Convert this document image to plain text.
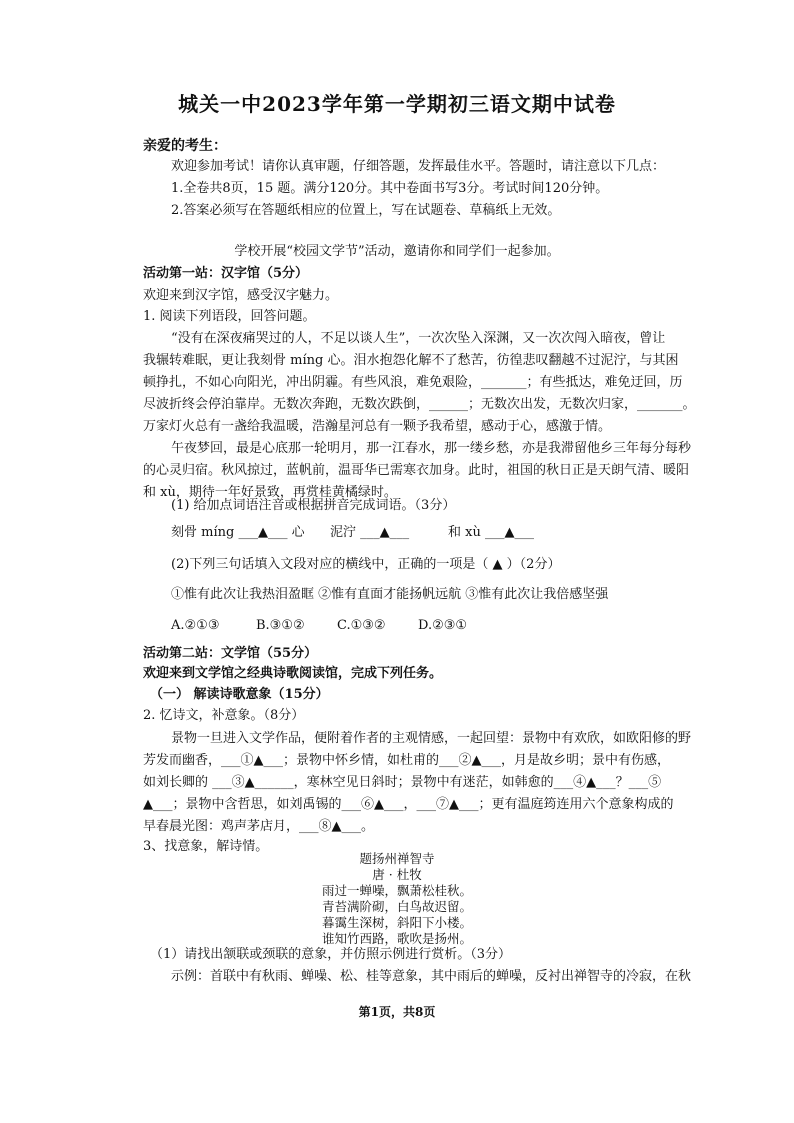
城关一中2023学年第一学期初三语文期中试卷
亲爱的考生：
欢迎参加考试！请你认真审题，仔细答题，发挥最佳水平。答题时，请注意以下几点：
1.全卷共8页，15 题。满分120分。其中卷面书写3分。考试时间120分钟。
2.答案必须写在答题纸相应的位置上，写在试题卷、草稿纸上无效。
学校开展“校园文学节”活动，邀请你和同学们一起参加。
活动第一站：汉字馆（5分）
欢迎来到汉字馆，感受汉字魅力。
1. 阅读下列语段，回答问题。
“没有在深夜痛哭过的人，不足以谈人生”，一次次坠入深渊，又一次次闯入暗夜，曾让
我辗转难眠，更让我刻骨 míng 心。泪水抱怨化解不了愁苦，彷徨悲叹翻越不过泥泞，与其困
顿挣扎，不如心向阳光，冲出阴霾。有些风浪，难免艰险，_______；有些抵达，难免迂回，历
尽波折终会停泊靠岸。无数次奔跑，无数次跌倒，______；无数次出发，无数次归家，_______。
万家灯火总有一盏给我温暖，浩瀚星河总有一颗予我希望，感动于心，感激于情。
午夜梦回，最是心底那一轮明月，那一江春水，那一缕乡愁，亦是我滞留他乡三年每分每秒
的心灵归宿。秋风掠过，蓝帆前，温哥华已需寒衣加身。此时，祖国的秋日正是天朗气清、暖阳
和 xù，期待一年好景致，再赏桂黄橘绿时。
(1) 给加点词语注音或根据拼音完成词语。（3分）
刻骨 míng ___▲___ 心 泥泞 ___▲___	和 xù ___▲___
(2)下列三句话填入文段对应的横线中，正确的一项是（ ▲ ）（2分）
①惟有此次让我热泪盈眶 ②惟有直面才能扬帆远航 ③惟有此次让我倍感坚强
A.②①③	B.③①② C.①③② D.②③①
活动第二站：文学馆（55分）
欢迎来到文学馆之经典诗歌阅读馆，完成下列任务。
（一） 解读诗歌意象（15分）
2. 忆诗文，补意象。（8分）
景物一旦进入文学作品，便附着作者的主观情感，一起回望：景物中有欢欣，如欧阳修的野
芳发而幽香，___①▲___；景物中怀乡情，如杜甫的___②▲___，月是故乡明；景中有伤感，
如刘长卿的 ___③▲______，寒林空见日斜时；景物中有迷茫，如韩愈的___④▲___？___⑤
▲___；景物中含哲思，如刘禹锡的___⑥▲___，___⑦▲___；更有温庭筠连用六个意象构成的
早春晨光图：鸡声茅店月，___⑧▲___。
3、找意象，解诗情。
题扬州禅智寺
唐 · 杜牧
雨过一蝉噪，飘萧松桂秋。
青苔满阶砌，白鸟故迟留。
暮霭生深树，斜阳下小楼。
谁知竹西路，歌吹是扬州。
（1）请找出颔联或颈联的意象，并仿照示例进行赏析。（3分）
示例：首联中有秋雨、蝉噪、松、桂等意象，其中雨后的蝉噪，反衬出禅智寺的冷寂，在秋
第1页，共8页
